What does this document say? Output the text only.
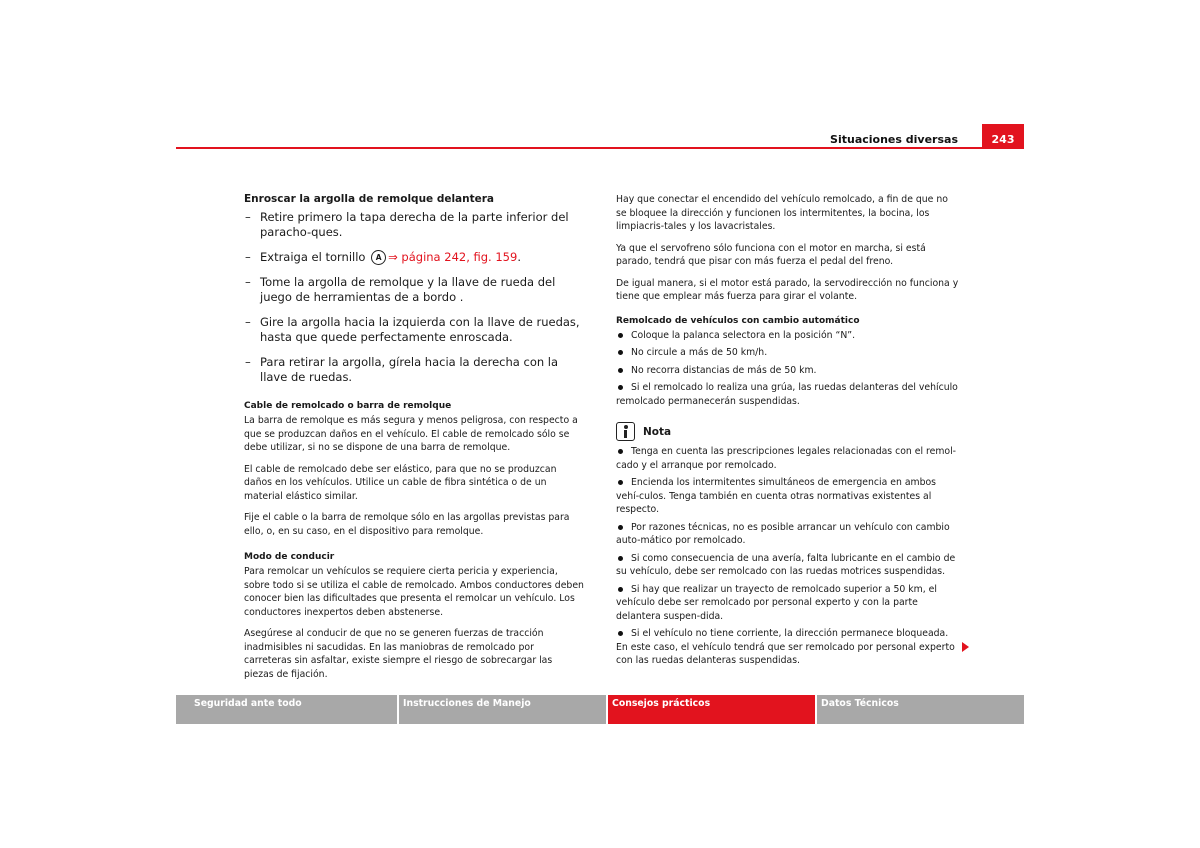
Situaciones diversas	243
Enroscar la argolla de remolque delantera
– Retire primero la tapa derecha de la parte inferior del paracho-ques.
– Extraiga el tornillo A ⇒ página 242, fig. 159.
– Tome la argolla de remolque y la llave de rueda del juego de herramientas de a bordo .
– Gire la argolla hacia la izquierda con la llave de ruedas, hasta que quede perfectamente enroscada.
– Para retirar la argolla, gírela hacia la derecha con la llave de ruedas.
Cable de remolcado o barra de remolque

La barra de remolque es más segura y menos peligrosa, con respecto a que se produzcan daños en el vehículo. El cable de remolcado sólo se debe utilizar, si no se dispone de una barra de remolque.

El cable de remolcado debe ser elástico, para que no se produzcan daños en los vehículos. Utilice un cable de fibra sintética o de un material elástico similar.

Fije el cable o la barra de remolque sólo en las argollas previstas para ello, o, en su caso, en el dispositivo para remolque.

Modo de conducir

Para remolcar un vehículos se requiere cierta pericia y experiencia, sobre todo si se utiliza el cable de remolcado. Ambos conductores deben conocer bien las dificultades que presenta el remolcar un vehículo. Los conductores inexpertos deben abstenerse.

Asegúrese al conducir de que no se generen fuerzas de tracción inadmisibles ni sacudidas. En las maniobras de remolcado por carreteras sin asfaltar, existe siempre el riesgo de sobrecargar las piezas de fijación.

Hay que conectar el encendido del vehículo remolcado, a fin de que no se bloquee la dirección y funcionen los intermitentes, la bocina, los limpiacris-tales y los lavacristales.

Ya que el servofreno sólo funciona con el motor en marcha, si está parado, tendrá que pisar con más fuerza el pedal del freno.

De igual manera, si el motor está parado, la servodirección no funciona y tiene que emplear más fuerza para girar el volante.

Remolcado de vehículos con cambio automático
Coloque la palanca selectora en la posición “N”.
No circule a más de 50 km/h.
No recorra distancias de más de 50 km.
Si el remolcado lo realiza una grúa, las ruedas delanteras del vehículo remolcado permanecerán suspendidas.
Nota
Tenga en cuenta las prescripciones legales relacionadas con el remol-cado y el arranque por remolcado.
Encienda los intermitentes simultáneos de emergencia en ambos vehí-culos. Tenga también en cuenta otras normativas existentes al respecto.
Por razones técnicas, no es posible arrancar un vehículo con cambio auto-mático por remolcado.
Si como consecuencia de una avería, falta lubricante en el cambio de su vehículo, debe ser remolcado con las ruedas motrices suspendidas.
Si hay que realizar un trayecto de remolcado superior a 50 km, el vehículo debe ser remolcado por personal experto y con la parte delantera suspen-dida.
Si el vehículo no tiene corriente, la dirección permanece bloqueada. En este caso, el vehículo tendrá que ser remolcado por personal experto con las ruedas delanteras suspendidas.
Seguridad ante todo	Instrucciones de Manejo	Consejos prácticos	Datos Técnicos
